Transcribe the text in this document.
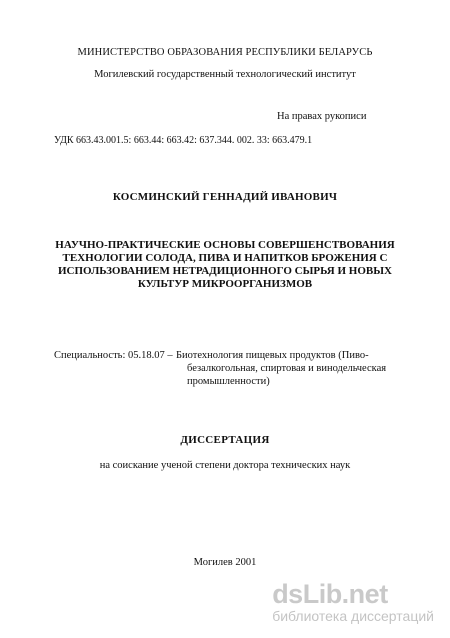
МИНИСТЕРСТВО ОБРАЗОВАНИЯ РЕСПУБЛИКИ БЕЛАРУСЬ
Могилевский государственный технологический институт
На правах рукописи
УДК 663.43.001.5: 663.44: 663.42: 637.344. 002. 33: 663.479.1
КОСМИНСКИЙ ГЕННАДИЙ ИВАНОВИЧ
НАУЧНО-ПРАКТИЧЕСКИЕ ОСНОВЫ СОВЕРШЕНСТВОВАНИЯ
ТЕХНОЛОГИИ СОЛОДА, ПИВА И НАПИТКОВ БРОЖЕНИЯ С
ИСПОЛЬЗОВАНИЕМ НЕТРАДИЦИОННОГО СЫРЬЯ И НОВЫХ
КУЛЬТУР МИКРООРГАНИЗМОВ
Специальность: 05.18.07 – Биотехнология пищевых продуктов (Пиво-
безалкогольная, спиртовая и винодельческая
промышленности)
ДИССЕРТАЦИЯ
на соискание ученой степени доктора технических наук
Могилев 2001
dsLib.net
библиотека диссертаций
